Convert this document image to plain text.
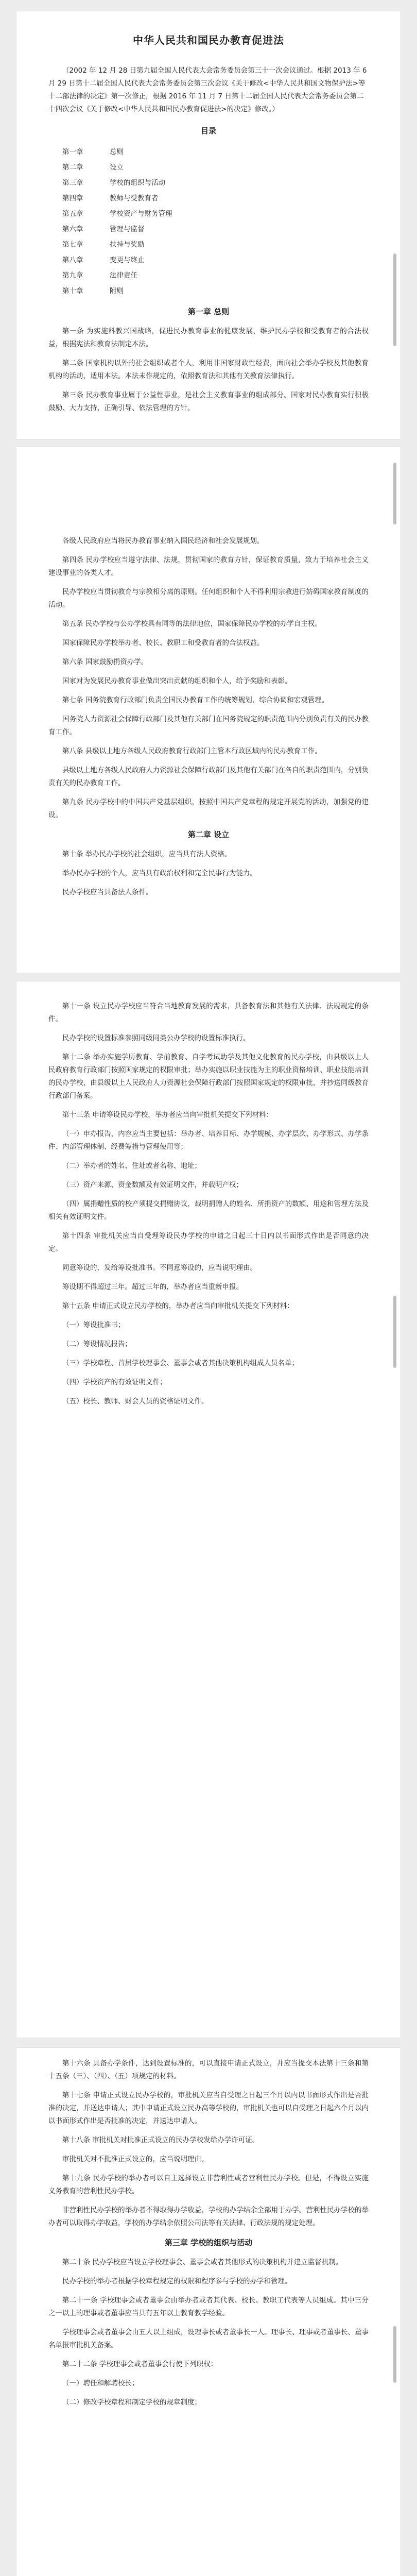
中华人民共和国民办教育促进法
（2002 年 12 月 28 日第九届全国人民代表大会常务委员会第三十一次会议通过。根据 2013 年 6 月 29 日第十二届全国人民代表大会常务委员会第三次会议《关于修改<中华人民共和国文物保护法>等十二部法律的决定》第一次修正，根据 2016 年 11 月 7 日第十二届全国人民代表大会常务委员会第二十四次会议《关于修改<中华人民共和国民办教育促进法>的决定》修改。）
目录
第一章	总则
第二章	设立
第三章	学校的组织与活动
第四章	教师与受教育者
第五章	学校资产与财务管理
第六章	管理与监督
第七章	扶持与奖励
第八章	变更与终止
第九章	法律责任
第十章	附则
第一章 总则

第一条 为实施科教兴国战略，促进民办教育事业的健康发展，维护民办学校和受教育者的合法权益，根据宪法和教育法制定本法。

第二条 国家机构以外的社会组织或者个人，利用非国家财政性经费，面向社会举办学校及其他教育机构的活动，适用本法。本法未作规定的，依照教育法和其他有关教育法律执行。

第三条 民办教育事业属于公益性事业，是社会主义教育事业的组成部分。国家对民办教育实行积极鼓励、大力支持、正确引导、依法管理的方针。

各级人民政府应当将民办教育事业纳入国民经济和社会发展规划。

第四条 民办学校应当遵守法律、法规，贯彻国家的教育方针，保证教育质量，致力于培养社会主义建设事业的各类人才。

民办学校应当贯彻教育与宗教相分离的原则。任何组织和个人不得利用宗教进行妨碍国家教育制度的活动。

第五条 民办学校与公办学校具有同等的法律地位，国家保障民办学校的办学自主权。

国家保障民办学校举办者、校长、教职工和受教育者的合法权益。

第六条 国家鼓励捐资办学。

国家对为发展民办教育事业做出突出贡献的组织和个人，给予奖励和表彰。

第七条 国务院教育行政部门负责全国民办教育工作的统筹规划、综合协调和宏观管理。

国务院人力资源社会保障行政部门及其他有关部门在国务院规定的职责范围内分别负责有关的民办教育工作。

第八条 县级以上地方各级人民政府教育行政部门主管本行政区域内的民办教育工作。

县级以上地方各级人民政府人力资源社会保障行政部门及其他有关部门在各自的职责范围内，分别负责有关的民办教育工作。

第九条 民办学校中的中国共产党基层组织，按照中国共产党章程的规定开展党的活动，加强党的建设。

第二章 设立

第十条 举办民办学校的社会组织，应当具有法人资格。

举办民办学校的个人，应当具有政治权利和完全民事行为能力。

民办学校应当具备法人条件。

第十一条 设立民办学校应当符合当地教育发展的需求，具备教育法和其他有关法律、法规规定的条件。

民办学校的设置标准参照同级同类公办学校的设置标准执行。

第十二条 举办实施学历教育、学前教育、自学考试助学及其他文化教育的民办学校，由县级以上人民政府教育行政部门按照国家规定的权限审批；举办实施以职业技能为主的职业资格培训、职业技能培训的民办学校，由县级以上人民政府人力资源社会保障行政部门按照国家规定的权限审批，并抄送同级教育行政部门备案。

第十三条 申请筹设民办学校，举办者应当向审批机关提交下列材料：

（一）申办报告，内容应当主要包括：举办者、培养目标、办学规模、办学层次、办学形式、办学条件、内部管理体制、经费筹措与管理使用等；

（二）举办者的姓名、住址或者名称、地址；

（三）资产来源、资金数额及有效证明文件，并载明产权；

（四）属捐赠性质的校产须提交捐赠协议，载明捐赠人的姓名、所捐资产的数额、用途和管理方法及相关有效证明文件。

第十四条 审批机关应当自受理筹设民办学校的申请之日起三十日内以书面形式作出是否同意的决定。

同意筹设的，发给筹设批准书。不同意筹设的，应当说明理由。

筹设期不得超过三年。超过三年的，举办者应当重新申报。

第十五条 申请正式设立民办学校的，举办者应当向审批机关提交下列材料：

（一）筹设批准书；

（二）筹设情况报告；

（三）学校章程、首届学校理事会、董事会或者其他决策机构组成人员名单；

（四）学校资产的有效证明文件；

（五）校长、教师、财会人员的资格证明文件。

第十六条 具备办学条件，达到设置标准的，可以直接申请正式设立，并应当提交本法第十三条和第十五条（三）、（四）、（五）项规定的材料。

第十七条 申请正式设立民办学校的，审批机关应当自受理之日起三个月以内以书面形式作出是否批准的决定，并送达申请人；其中申请正式设立民办高等学校的，审批机关也可以自受理之日起六个月以内以书面形式作出是否批准的决定，并送达申请人。

第十八条 审批机关对批准正式设立的民办学校发给办学许可证。

审批机关对不批准正式设立的，应当说明理由。

第十九条 民办学校的举办者可以自主选择设立非营利性或者营利性民办学校。但是，不得设立实施义务教育的营利性民办学校。

非营利性民办学校的举办者不得取得办学收益，学校的办学结余全部用于办学。营利性民办学校的举办者可以取得办学收益，学校的办学结余依照公司法等有关法律、行政法规的规定处理。

第三章 学校的组织与活动

第二十条 民办学校应当设立学校理事会、董事会或者其他形式的决策机构并建立监督机制。

民办学校的举办者根据学校章程规定的权限和程序参与学校的办学和管理。

第二十一条 学校理事会或者董事会由举办者或者其代表、校长、教职工代表等人员组成。其中三分之一以上的理事或者董事应当具有五年以上教育教学经验。

学校理事会或者董事会由五人以上组成，设理事长或者董事长一人。理事长、理事或者董事长、董事名单报审批机关备案。

第二十二条 学校理事会或者董事会行使下列职权：

（一）聘任和解聘校长；

（二）修改学校章程和制定学校的规章制度；
